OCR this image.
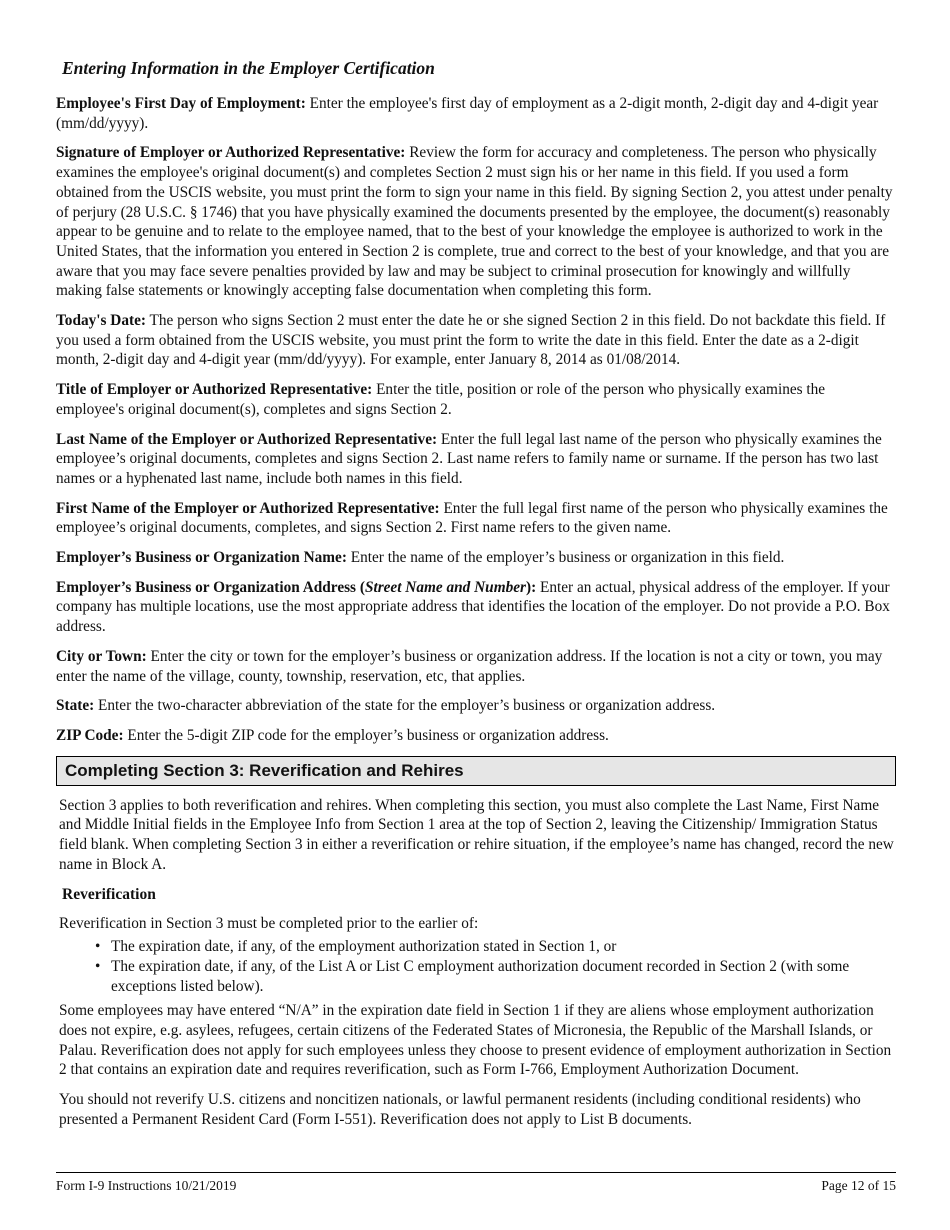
Entering Information in the Employer Certification

Employee's First Day of Employment: Enter the employee's first day of employment as a 2-digit month, 2-digit day and 4-digit year (mm/dd/yyyy).

Signature of Employer or Authorized Representative: Review the form for accuracy and completeness. The person who physically examines the employee's original document(s) and completes Section 2 must sign his or her name in this field. If you used a form obtained from the USCIS website, you must print the form to sign your name in this field. By signing Section 2, you attest under penalty of perjury (28 U.S.C. § 1746) that you have physically examined the documents presented by the employee, the document(s) reasonably appear to be genuine and to relate to the employee named, that to the best of your knowledge the employee is authorized to work in the United States, that the information you entered in Section 2 is complete, true and correct to the best of your knowledge, and that you are aware that you may face severe penalties provided by law and may be subject to criminal prosecution for knowingly and willfully making false statements or knowingly accepting false documentation when completing this form.

Today's Date: The person who signs Section 2 must enter the date he or she signed Section 2 in this field. Do not backdate this field. If you used a form obtained from the USCIS website, you must print the form to write the date in this field. Enter the date as a 2-digit month, 2-digit day and 4-digit year (mm/dd/yyyy). For example, enter January 8, 2014 as 01/08/2014.

Title of Employer or Authorized Representative: Enter the title, position or role of the person who physically examines the employee's original document(s), completes and signs Section 2.

Last Name of the Employer or Authorized Representative: Enter the full legal last name of the person who physically examines the employee’s original documents, completes and signs Section 2. Last name refers to family name or surname. If the person has two last names or a hyphenated last name, include both names in this field.

First Name of the Employer or Authorized Representative: Enter the full legal first name of the person who physically examines the employee’s original documents, completes, and signs Section 2. First name refers to the given name.

Employer’s Business or Organization Name: Enter the name of the employer’s business or organization in this field.

Employer’s Business or Organization Address (Street Name and Number): Enter an actual, physical address of the employer. If your company has multiple locations, use the most appropriate address that identifies the location of the employer. Do not provide a P.O. Box address.

City or Town: Enter the city or town for the employer’s business or organization address. If the location is not a city or town, you may enter the name of the village, county, township, reservation, etc, that applies.

State: Enter the two-character abbreviation of the state for the employer’s business or organization address.

ZIP Code: Enter the 5-digit ZIP code for the employer’s business or organization address.

Completing Section 3: Reverification and Rehires

Section 3 applies to both reverification and rehires. When completing this section, you must also complete the Last Name, First Name and Middle Initial fields in the Employee Info from Section 1 area at the top of Section 2, leaving the Citizenship/ Immigration Status field blank. When completing Section 3 in either a reverification or rehire situation, if the employee’s name has changed, record the new name in Block A.

Reverification

Reverification in Section 3 must be completed prior to the earlier of:

• The expiration date, if any, of the employment authorization stated in Section 1, or
• The expiration date, if any, of the List A or List C employment authorization document recorded in Section 2 (with some exceptions listed below).

Some employees may have entered “N/A” in the expiration date field in Section 1 if they are aliens whose employment authorization does not expire, e.g. asylees, refugees, certain citizens of the Federated States of Micronesia, the Republic of the Marshall Islands, or Palau. Reverification does not apply for such employees unless they choose to present evidence of employment authorization in Section 2 that contains an expiration date and requires reverification, such as Form I-766, Employment Authorization Document.

You should not reverify U.S. citizens and noncitizen nationals, or lawful permanent residents (including conditional residents) who presented a Permanent Resident Card (Form I-551). Reverification does not apply to List B documents.

Form I-9 Instructions 10/21/2019	Page 12 of 15
